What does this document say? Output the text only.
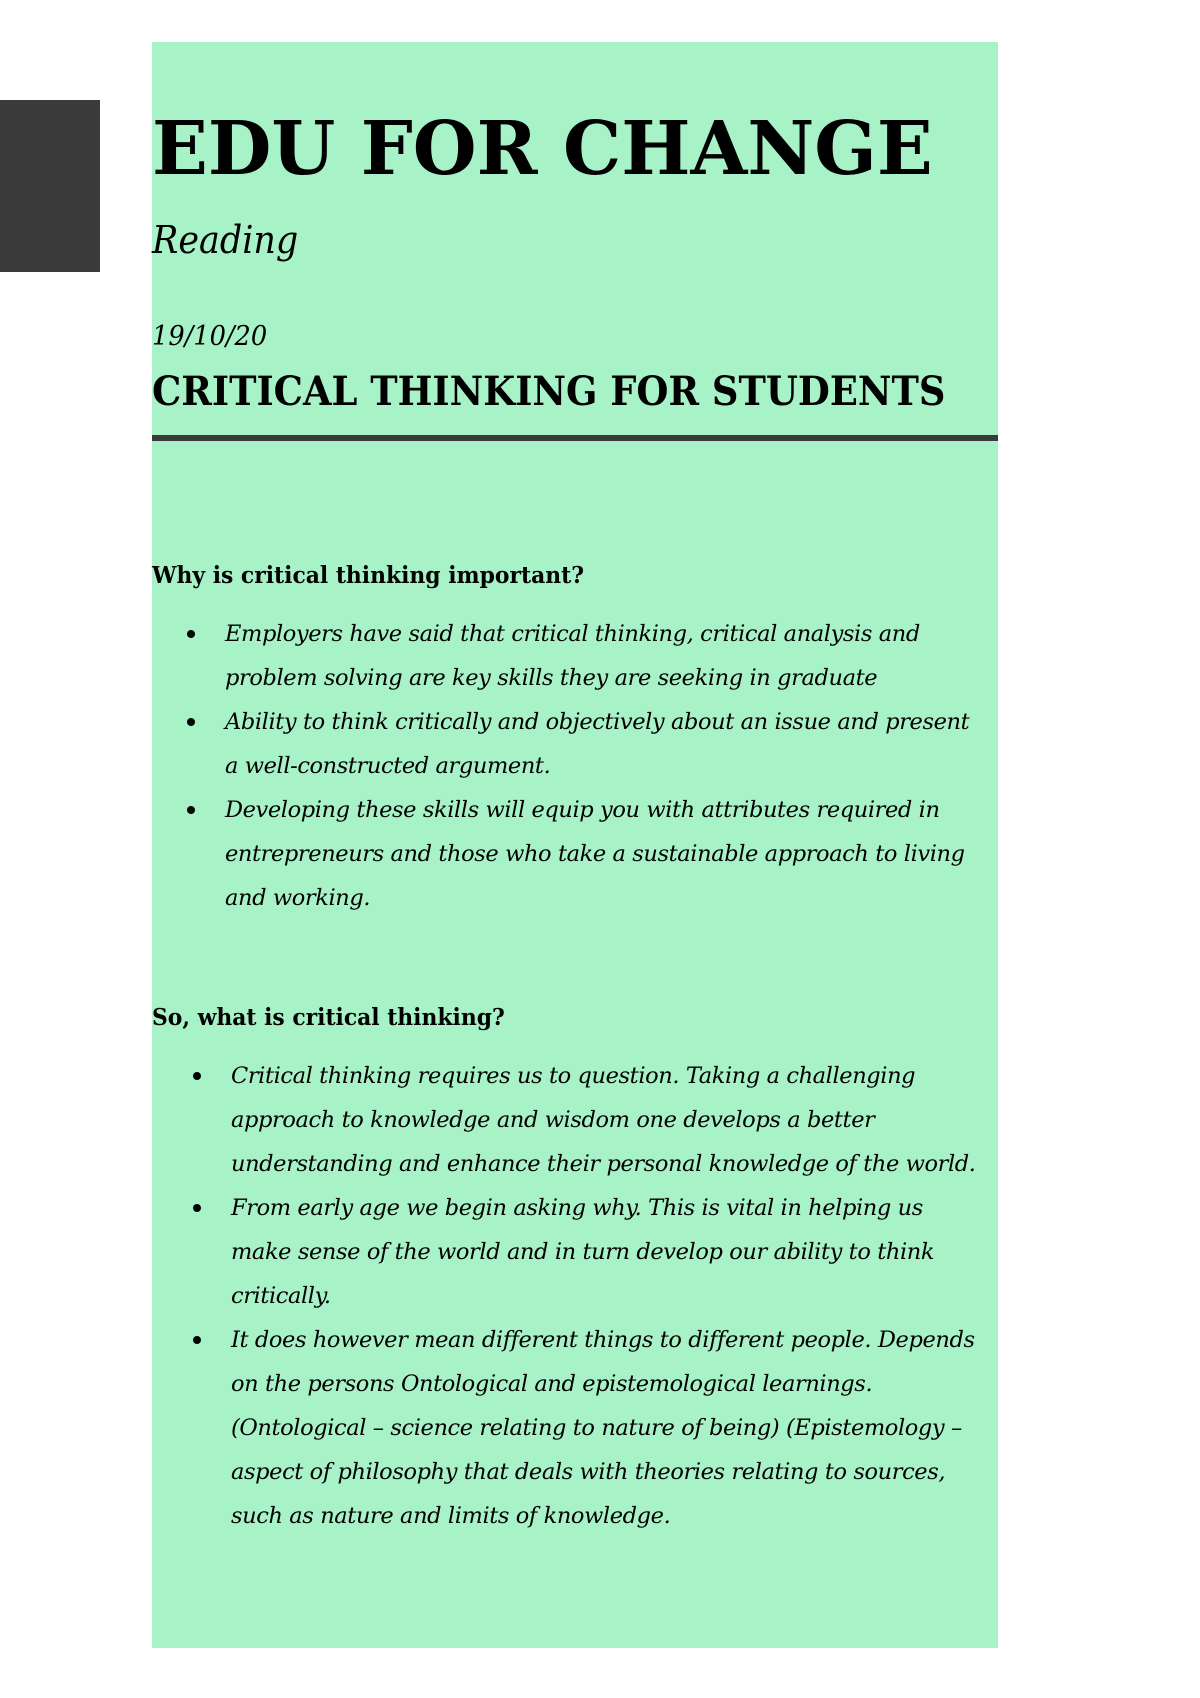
EDU FOR CHANGE
Reading
19/10/20
CRITICAL THINKING FOR STUDENTS
Why is critical thinking important?
Employers have said that critical thinking, critical analysis and problem solving are key skills they are seeking in graduate
Ability to think critically and objectively about an issue and present a well-constructed argument.
Developing these skills will equip you with attributes required in entrepreneurs and those who take a sustainable approach to living and working.
So, what is critical thinking?
Critical thinking requires us to question. Taking a challenging approach to knowledge and wisdom one develops a better understanding and enhance their personal knowledge of the world.
From early age we begin asking why. This is vital in helping us make sense of the world and in turn develop our ability to think critically.
It does however mean different things to different people. Depends on the persons Ontological and epistemological learnings. (Ontological – science relating to nature of being) (Epistemology – aspect of philosophy that deals with theories relating to sources, such as nature and limits of knowledge.
